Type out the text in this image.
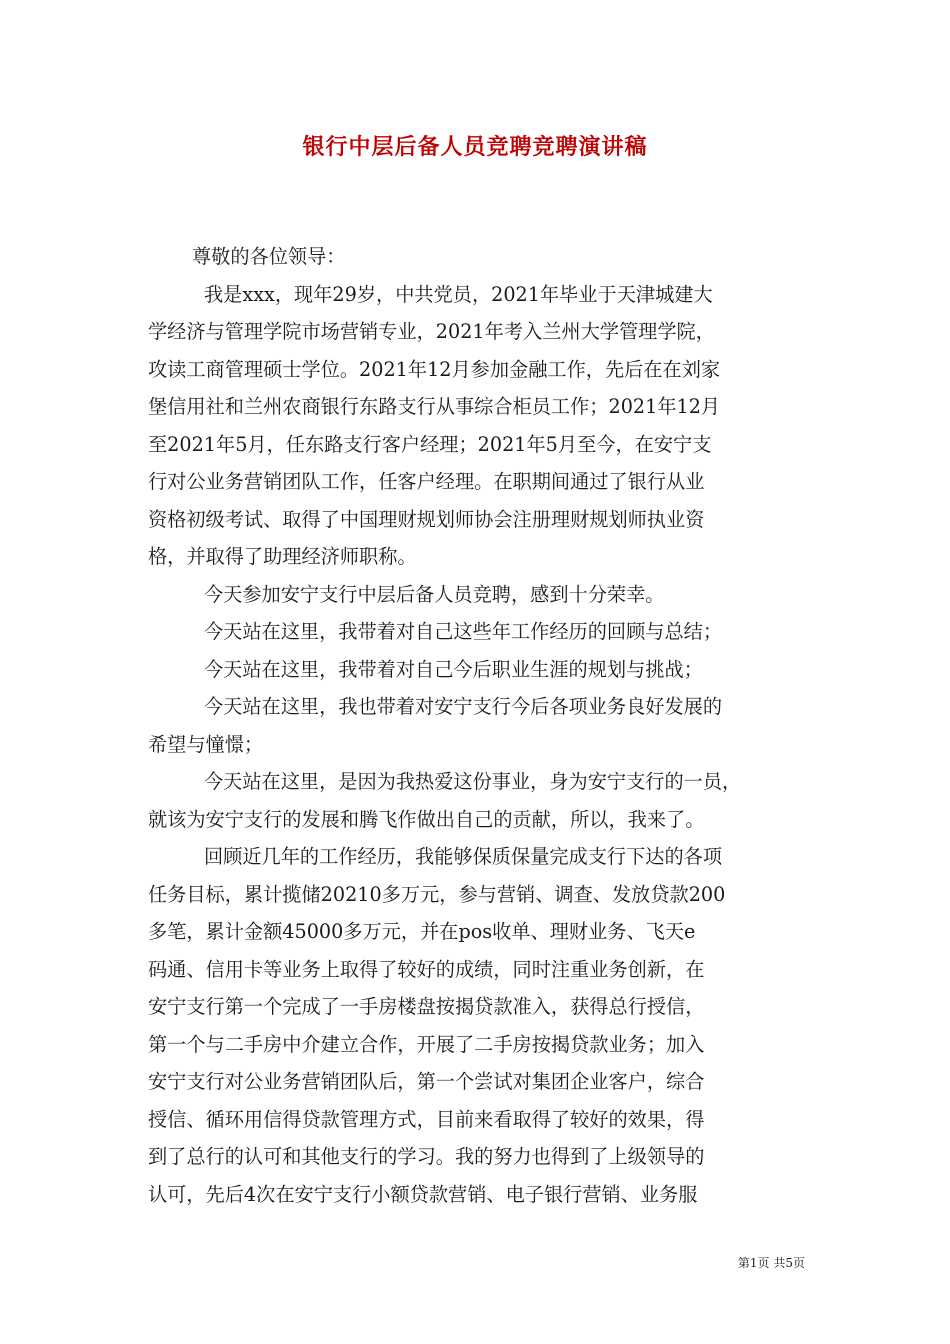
银行中层后备人员竞聘竞聘演讲稿
尊敬的各位领导：
我是xxx，现年29岁，中共党员，2021年毕业于天津城建大
学经济与管理学院市场营销专业，2021年考入兰州大学管理学院，
攻读工商管理硕士学位。2021年12月参加金融工作，先后在在刘家
堡信用社和兰州农商银行东路支行从事综合柜员工作；2021年12月
至2021年5月，任东路支行客户经理；2021年5月至今，在安宁支
行对公业务营销团队工作，任客户经理。在职期间通过了银行从业
资格初级考试、取得了中国理财规划师协会注册理财规划师执业资
格，并取得了助理经济师职称。
今天参加安宁支行中层后备人员竞聘，感到十分荣幸。
今天站在这里，我带着对自己这些年工作经历的回顾与总结；
今天站在这里，我带着对自己今后职业生涯的规划与挑战；
今天站在这里，我也带着对安宁支行今后各项业务良好发展的
希望与憧憬；
今天站在这里，是因为我热爱这份事业，身为安宁支行的一员，
就该为安宁支行的发展和腾飞作做出自己的贡献，所以，我来了。
回顾近几年的工作经历，我能够保质保量完成支行下达的各项
任务目标，累计揽储20210多万元，参与营销、调查、发放贷款200
多笔，累计金额45000多万元，并在pos收单、理财业务、飞天e
码通、信用卡等业务上取得了较好的成绩，同时注重业务创新，在
安宁支行第一个完成了一手房楼盘按揭贷款准入，获得总行授信，
第一个与二手房中介建立合作，开展了二手房按揭贷款业务；加入
安宁支行对公业务营销团队后，第一个尝试对集团企业客户，综合
授信、循环用信得贷款管理方式，目前来看取得了较好的效果，得
到了总行的认可和其他支行的学习。我的努力也得到了上级领导的
认可，先后4次在安宁支行小额贷款营销、电子银行营销、业务服
第1页 共5页
